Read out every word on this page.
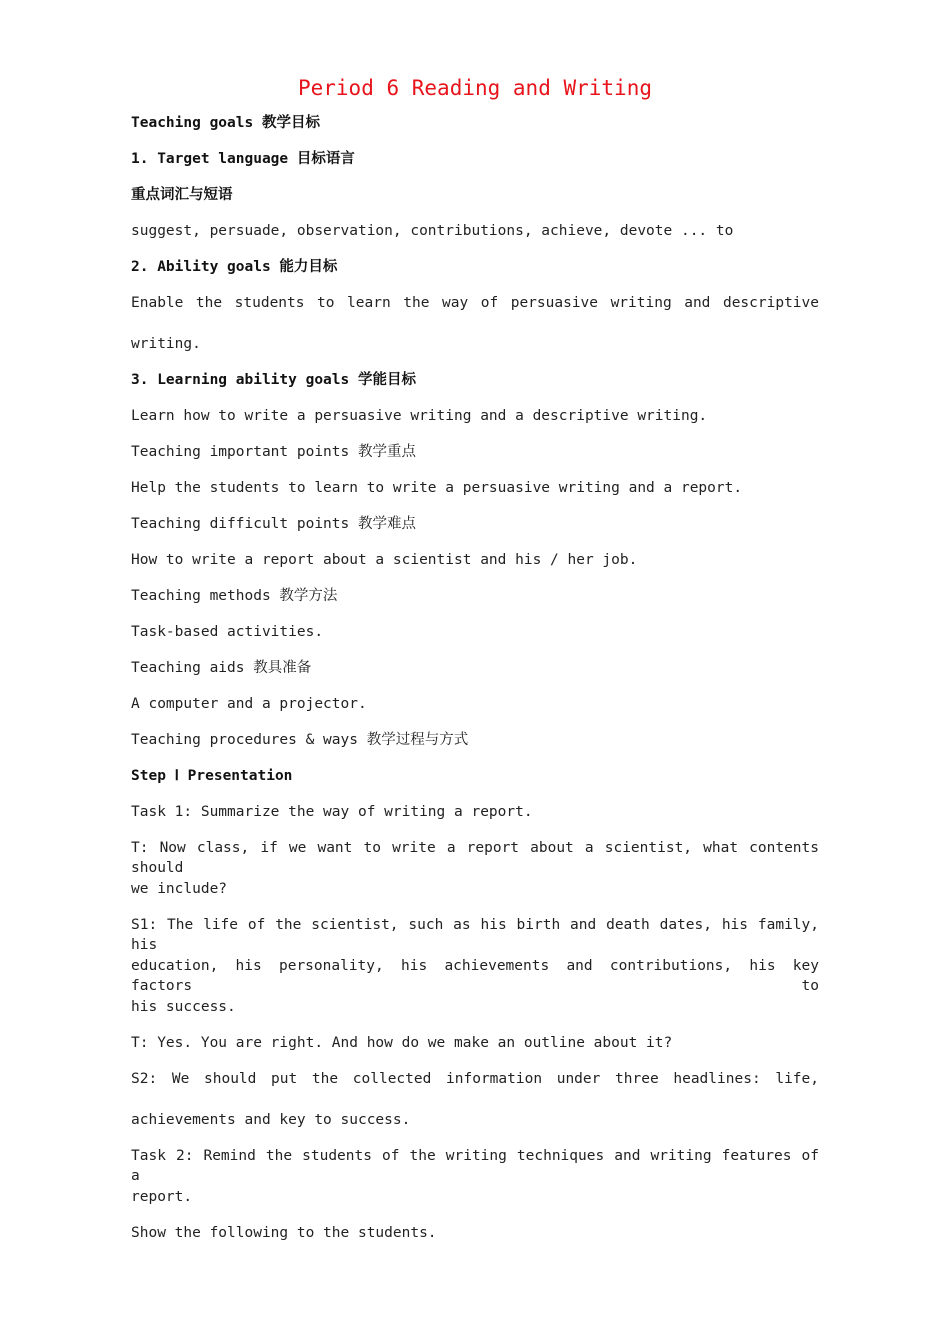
Period 6 Reading and Writing
Teaching goals 教学目标
1. Target language 目标语言
重点词汇与短语
suggest, persuade, observation, contributions, achieve, devote ... to
2. Ability goals 能力目标
Enable the students to learn the way of persuasive writing and descriptive
writing.
3. Learning ability goals 学能目标
Learn how to write a persuasive writing and a descriptive writing.
Teaching important points 教学重点
Help the students to learn to write a persuasive writing and a report.
Teaching difficult points 教学难点
How to write a report about a scientist and his / her job.
Teaching methods 教学方法
Task-based activities.
Teaching aids 教具准备
A computer and a projector.
Teaching procedures & ways 教学过程与方式
Step Ⅰ Presentation
Task 1: Summarize the way of writing a report.
T: Now class, if we want to write a report about a scientist, what contents should
we include?
S1: The life of the scientist, such as his birth and death dates, his family, his
education, his personality, his achievements and contributions, his key factors to
his success.
T: Yes. You are right. And how do we make an outline about it?
S2: We should put the collected information under three headlines: life,
achievements and key to success.
Task 2: Remind the students of the writing techniques and writing features of a
report.
Show the following to the students.
